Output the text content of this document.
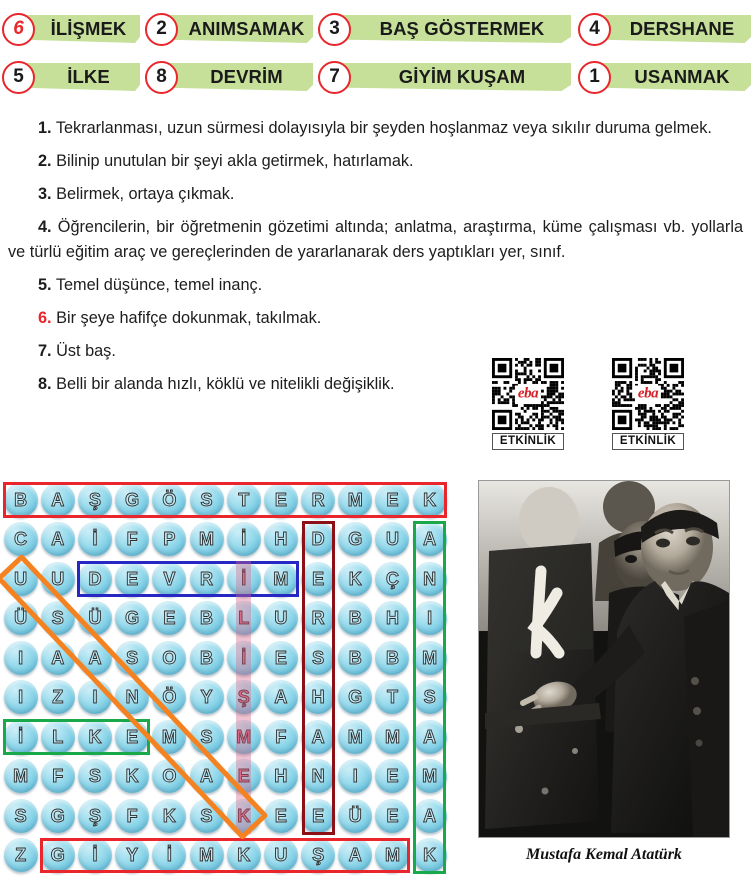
6	İLİŞMEK	2	ANIMSAMAK	3	BAŞ GÖSTERMEK	4	DERSHANE
5	İLKE	8	DEVRİM	7	GİYİM KUŞAM	1	USANMAK

1. Tekrarlanması, uzun sürmesi dolayısıyla bir şeyden hoşlanmaz veya sıkılır duruma gelmek.

2. Bilinip unutulan bir şeyi akla getirmek, hatırlamak.

3. Belirmek, ortaya çıkmak.

4. Öğrencilerin, bir öğretmenin gözetimi altında; anlatma, araştırma, küme çalışması vb. yollarla ve türlü eğitim araç ve gereçlerinden de yararlanarak ders yaptıkları yer, sınıf.

5. Temel düşünce, temel inanç.

6. Bir şeye hafifçe dokunmak, takılmak.

7. Üst baş.

8. Belli bir alanda hızlı, köklü ve nitelikli değişiklik.

eba
ETKİNLİK
eba
ETKİNLİK
B	A	Ş	G	Ö	S	T	E	R	M	E	K
C	A	İ	F	P	M	İ	H	D	G	U	A
U	U	D	E	V	R	İ	M	E	K	Ç	N
Ü	S	Ü	G	E	B	L	U	R	B	H	I
I	A	A	S	O	B	İ	E	S	B	B	M
I	Z	I	N	Ö	Y	Ş	A	H	G	T	S
İ	L	K	E	M	S	M	F	A	M	M	A
M	F	S	K	O	A	E	H	N	I	E	M
S	G	Ş	F	K	S	K	E	E	Ü	E	A
Z	G	İ	Y	İ	M	K	U	Ş	A	M	K	Mustafa Kemal Atatürk
